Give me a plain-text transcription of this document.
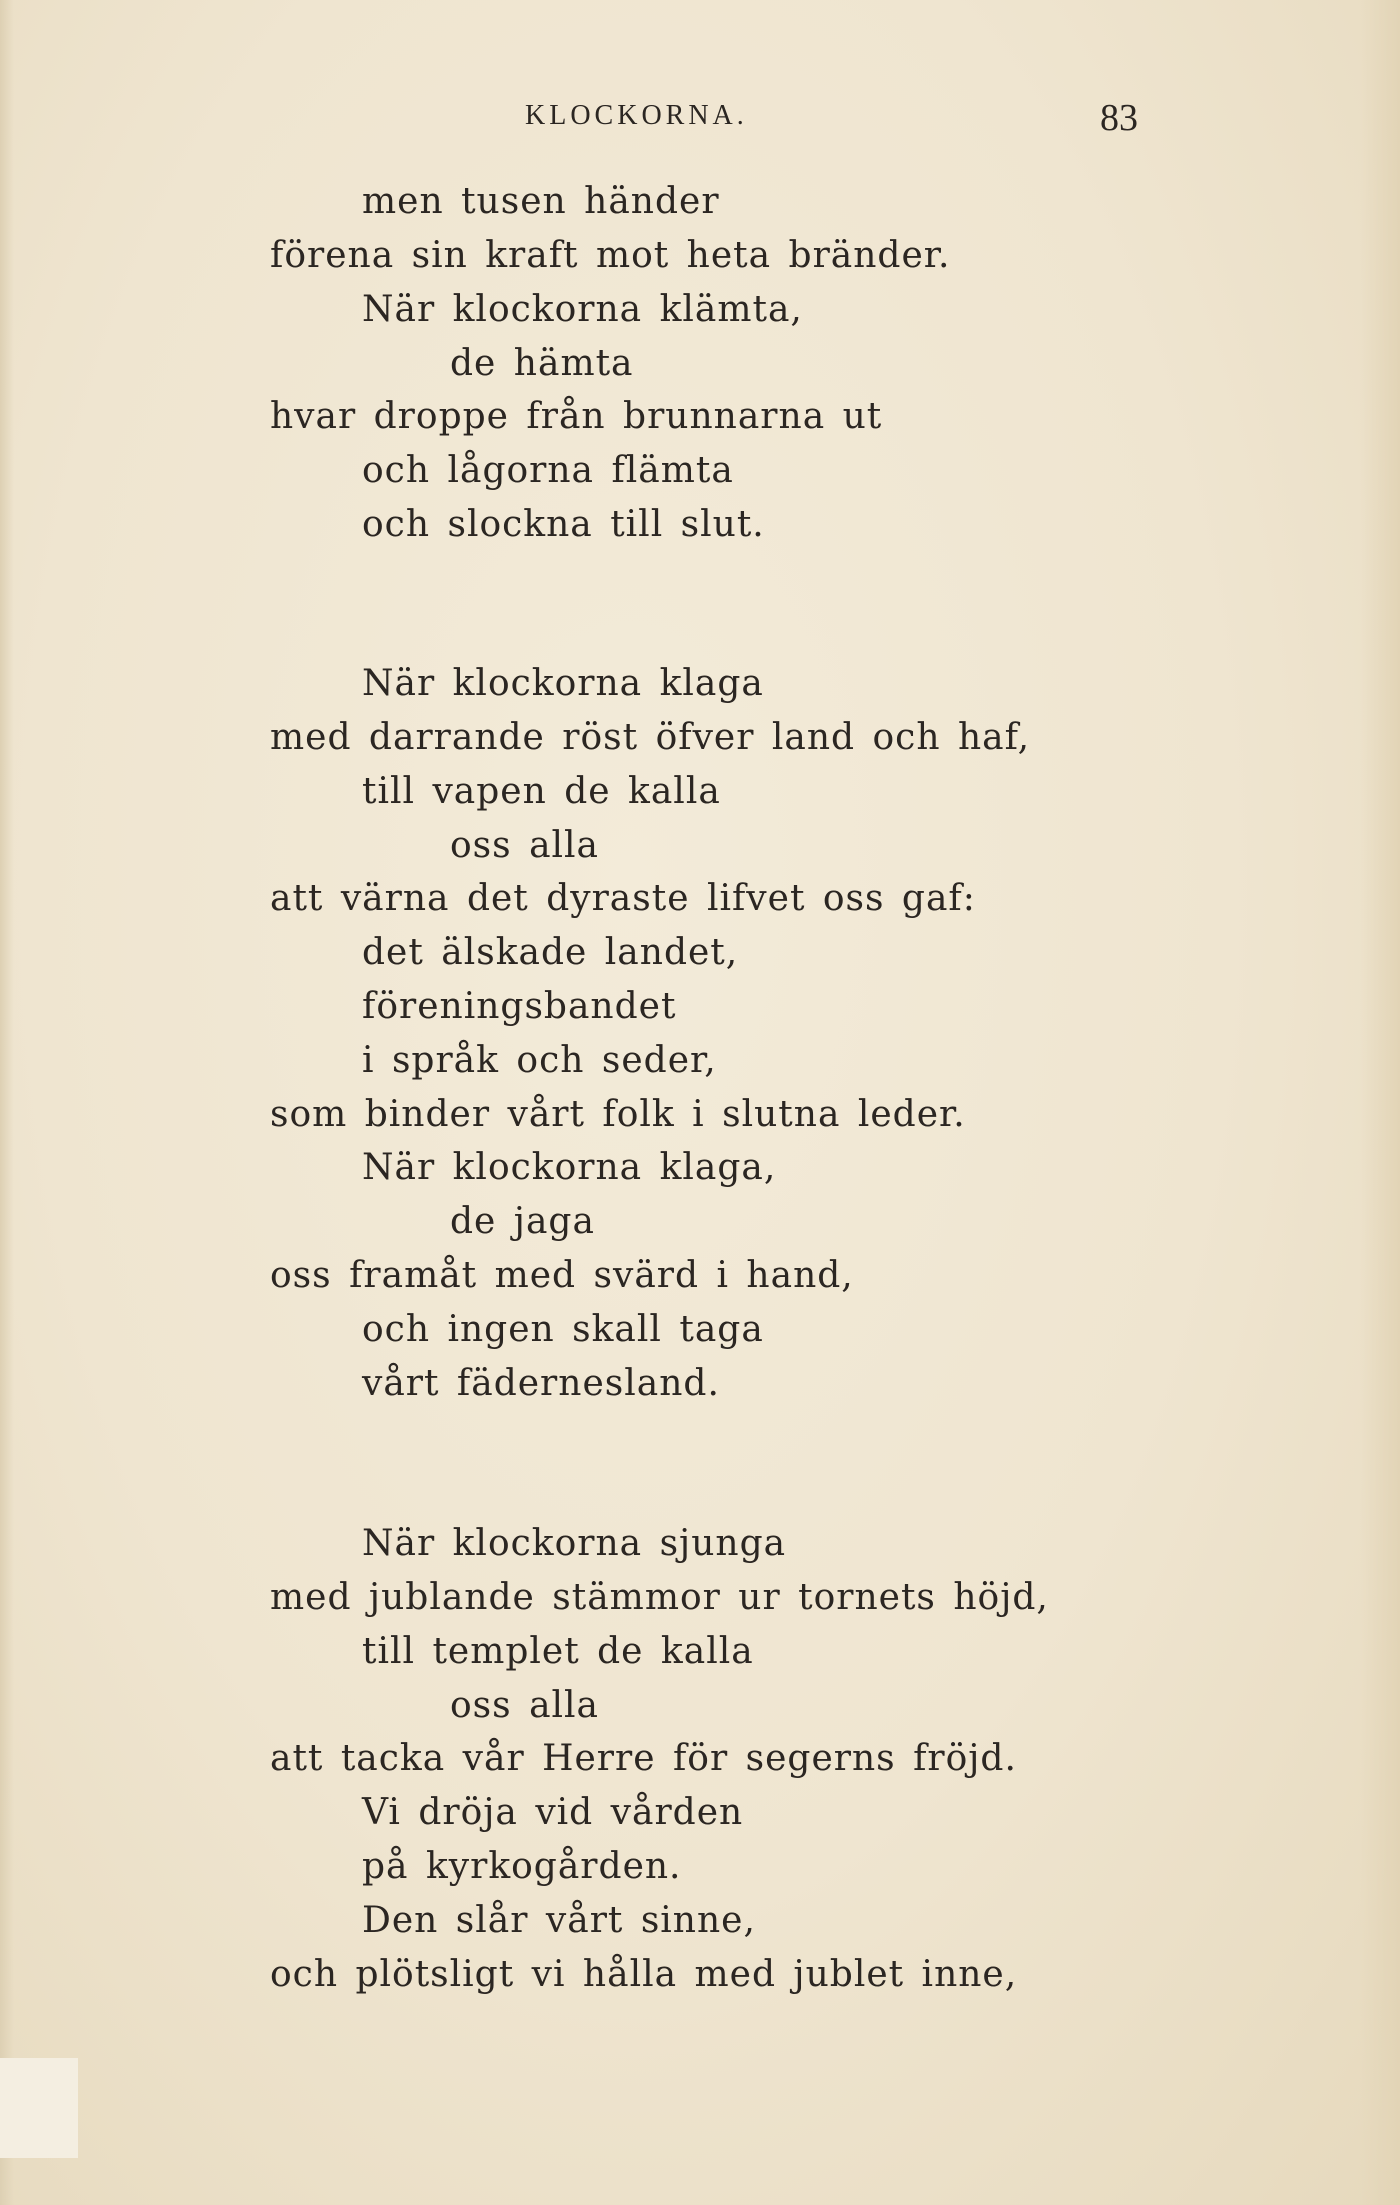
KLOCKORNA.	83
men tusen händer
förena sin kraft mot heta bränder.
När klockorna klämta,
de hämta
hvar droppe från brunnarna ut
och lågorna flämta
och slockna till slut.
När klockorna klaga
med darrande röst öfver land och haf,
till vapen de kalla
oss alla
att värna det dyraste lifvet oss gaf:
det älskade landet,
föreningsbandet
i språk och seder,
som binder vårt folk i slutna leder.
När klockorna klaga,
de jaga
oss framåt med svärd i hand,
och ingen skall taga
vårt fädernesland.
När klockorna sjunga
med jublande stämmor ur tornets höjd,
till templet de kalla
oss alla
att tacka vår Herre för segerns fröjd.
Vi dröja vid vården
på kyrkogården.
Den slår vårt sinne,
och plötsligt vi hålla med jublet inne,
